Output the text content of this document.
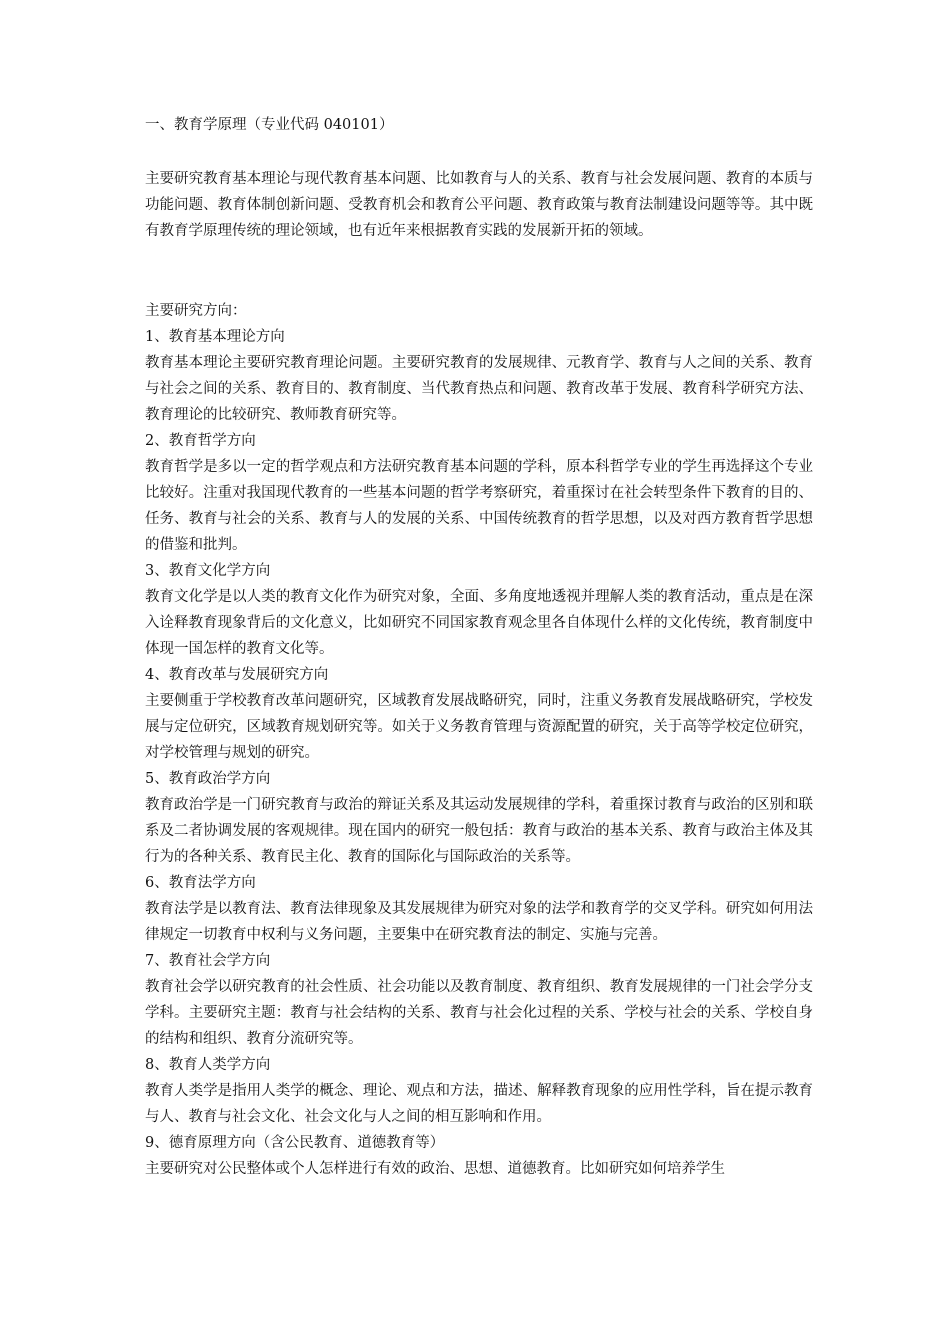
一、教育学原理（专业代码 040101）

主要研究教育基本理论与现代教育基本问题、比如教育与人的关系、教育与社会发展问题、教育的本质与功能问题、教育体制创新问题、受教育机会和教育公平问题、教育政策与教育法制建设问题等等。其中既有教育学原理传统的理论领域，也有近年来根据教育实践的发展新开拓的领域。

主要研究方向：

1、教育基本理论方向

教育基本理论主要研究教育理论问题。主要研究教育的发展规律、元教育学、教育与人之间的关系、教育与社会之间的关系、教育目的、教育制度、当代教育热点和问题、教育改革于发展、教育科学研究方法、教育理论的比较研究、教师教育研究等。

2、教育哲学方向

教育哲学是多以一定的哲学观点和方法研究教育基本问题的学科，原本科哲学专业的学生再选择这个专业比较好。注重对我国现代教育的一些基本问题的哲学考察研究，着重探讨在社会转型条件下教育的目的、任务、教育与社会的关系、教育与人的发展的关系、中国传统教育的哲学思想，以及对西方教育哲学思想的借鉴和批判。

3、教育文化学方向

教育文化学是以人类的教育文化作为研究对象，全面、多角度地透视并理解人类的教育活动，重点是在深入诠释教育现象背后的文化意义，比如研究不同国家教育观念里各自体现什么样的文化传统，教育制度中体现一国怎样的教育文化等。

4、教育改革与发展研究方向

主要侧重于学校教育改革问题研究，区域教育发展战略研究，同时，注重义务教育发展战略研究，学校发展与定位研究，区域教育规划研究等。如关于义务教育管理与资源配置的研究，关于高等学校定位研究，对学校管理与规划的研究。

5、教育政治学方向

教育政治学是一门研究教育与政治的辩证关系及其运动发展规律的学科，着重探讨教育与政治的区别和联系及二者协调发展的客观规律。现在国内的研究一般包括：教育与政治的基本关系、教育与政治主体及其行为的各种关系、教育民主化、教育的国际化与国际政治的关系等。

6、教育法学方向

教育法学是以教育法、教育法律现象及其发展规律为研究对象的法学和教育学的交叉学科。研究如何用法律规定一切教育中权利与义务问题，主要集中在研究教育法的制定、实施与完善。

7、教育社会学方向

教育社会学以研究教育的社会性质、社会功能以及教育制度、教育组织、教育发展规律的一门社会学分支学科。主要研究主题：教育与社会结构的关系、教育与社会化过程的关系、学校与社会的关系、学校自身的结构和组织、教育分流研究等。

8、教育人类学方向

教育人类学是指用人类学的概念、理论、观点和方法，描述、解释教育现象的应用性学科，旨在提示教育与人、教育与社会文化、社会文化与人之间的相互影响和作用。

9、德育原理方向（含公民教育、道德教育等）

主要研究对公民整体或个人怎样进行有效的政治、思想、道德教育。比如研究如何培养学生
